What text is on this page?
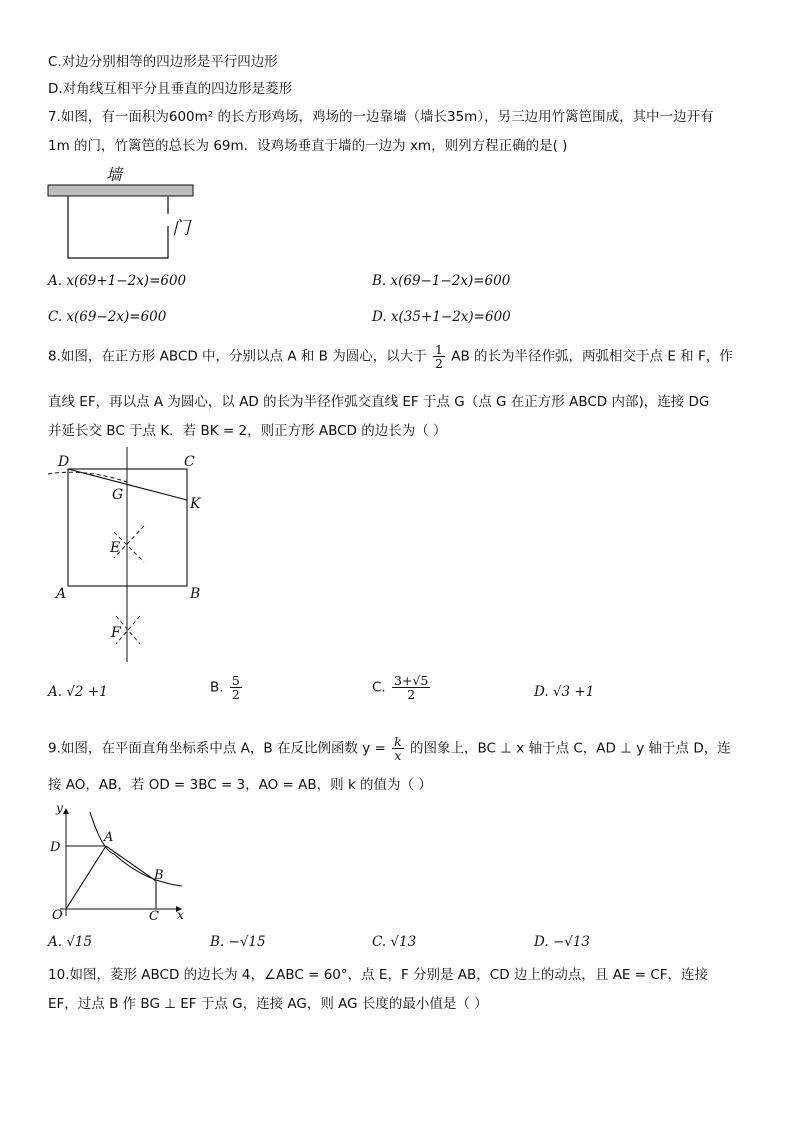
C.对边分别相等的四边形是平行四边形
D.对角线互相平分且垂直的四边形是菱形
7.如图，有一面积为600m² 的长方形鸡场，鸡场的一边靠墙（墙长35m），另三边用竹篱笆围成，其中一边开有
1m 的门，竹篱笆的总长为 69m．设鸡场垂直于墙的一边为 xm，则列方程正确的是( )
墙
门
A. x(69+1−2x)=600	B. x(69−1−2x)=600
C. x(69−2x)=600	D. x(35+1−2x)=600
8.如图，在正方形 ABCD 中，分别以点 A 和 B 为圆心，以大于 $\frac{1}{2}$ AB 的长为半径作弧，两弧相交于点 E 和 F，作
直线 EF，再以点 A 为圆心，以 AD 的长为半径作弧交直线 EF 于点 G（点 G 在正方形 ABCD 内部)，连接 DG
并延长交 BC 于点 K．若 BK = 2，则正方形 ABCD 的边长为（ ）
D	C
G
K
E
A	B
F
A. √2 +1	B. $\frac{5}{2}$	C. $\frac{3+√5}{2}$	D. √3 +1
9.如图，在平面直角坐标系中点 A，B 在反比例函数 $y = \frac{k}{x}$ 的图象上，BC ⊥ x 轴于点 C，AD ⊥ y 轴于点 D，连
接 AO，AB，若 OD = 3BC = 3，AO = AB，则 k 的值为（ ）
y
D
A
B
O	C x
A. √15	B. −√15	C. √13	D. −√13
10.如图，菱形 ABCD 的边长为 4，∠ABC = 60°，点 E，F 分别是 AB，CD 边上的动点，且 AE = CF，连接
EF，过点 B 作 BG ⊥ EF 于点 G，连接 AG，则 AG 长度的最小值是（ ）
